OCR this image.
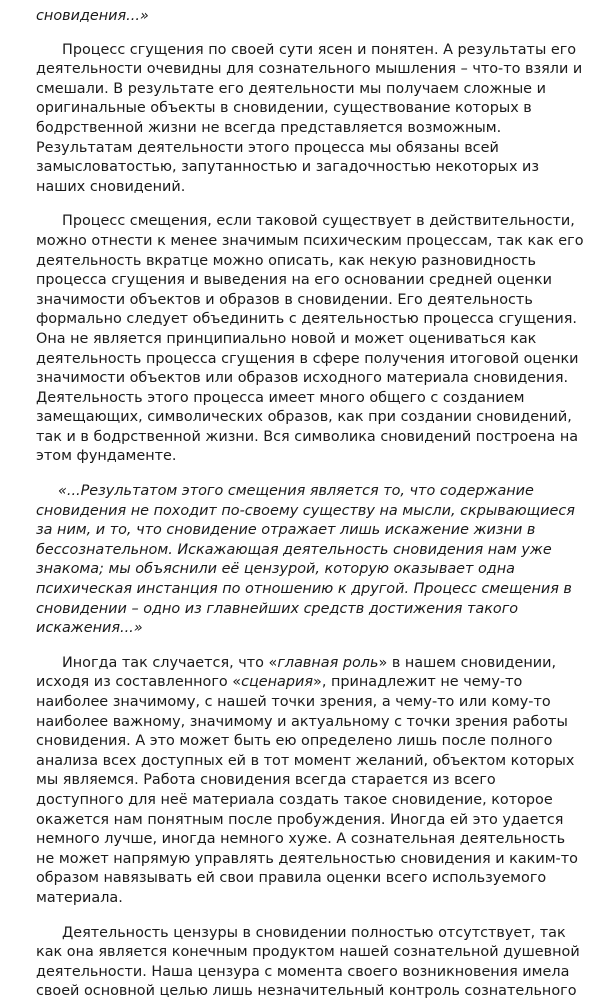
сновидения...»

Процесс сгущения по своей сути ясен и понятен. А результаты его деятельности очевидны для сознательного мышления – что-то взяли и смешали. В результате его деятельности мы получаем сложные и оригинальные объекты в сновидении, существование которых в бодрственной жизни не всегда представляется возможным. Результатам деятельности этого процесса мы обязаны всей замысловатостью, запутанностью и загадочностью некоторых из наших сновидений.

Процесс смещения, если таковой существует в действительности, можно отнести к менее значимым психическим процессам, так как его деятельность вкратце можно описать, как некую разновидность процесса сгущения и выведения на его основании средней оценки значимости объектов и образов в сновидении. Его деятельность формально следует объединить с деятельностью процесса сгущения. Она не является принципиально новой и может оцениваться как деятельность процесса сгущения в сфере получения итоговой оценки значимости объектов или образов исходного материала сновидения. Деятельность этого процесса имеет много общего с созданием замещающих, символических образов, как при создании сновидений, так и в бодрственной жизни. Вся символика сновидений построена на этом фундаменте.

«...Результатом этого смещения является то, что содержание сновидения не походит по-своему существу на мысли, скрывающиеся за ним, и то, что сновидение отражает лишь искажение жизни в бессознательном. Искажающая деятельность сновидения нам уже знакома; мы объяснили её цензурой, которую оказывает одна психическая инстанция по отношению к другой. Процесс смещения в сновидении – одно из главнейших средств достижения такого искажения...»

Иногда так случается, что «главная роль» в нашем сновидении, исходя из составленного «сценария», принадлежит не чему-то наиболее значимому, с нашей точки зрения, а чему-то или кому-то наиболее важному, значимому и актуальному с точки зрения работы сновидения. А это может быть ею определено лишь после полного анализа всех доступных ей в тот момент желаний, объектом которых мы являемся. Работа сновидения всегда старается из всего доступного для неё материала создать такое сновидение, которое окажется нам понятным после пробуждения. Иногда ей это удается немного лучше, иногда немного хуже. А сознательная деятельность не может напрямую управлять деятельностью сновидения и каким-то образом навязывать ей свои правила оценки всего используемого материала.

Деятельность цензуры в сновидении полностью отсутствует, так как она является конечным продуктом нашей сознательной душевной деятельности. Наша цензура с момента своего возникновения имела своей основной целью лишь незначительный контроль сознательного
